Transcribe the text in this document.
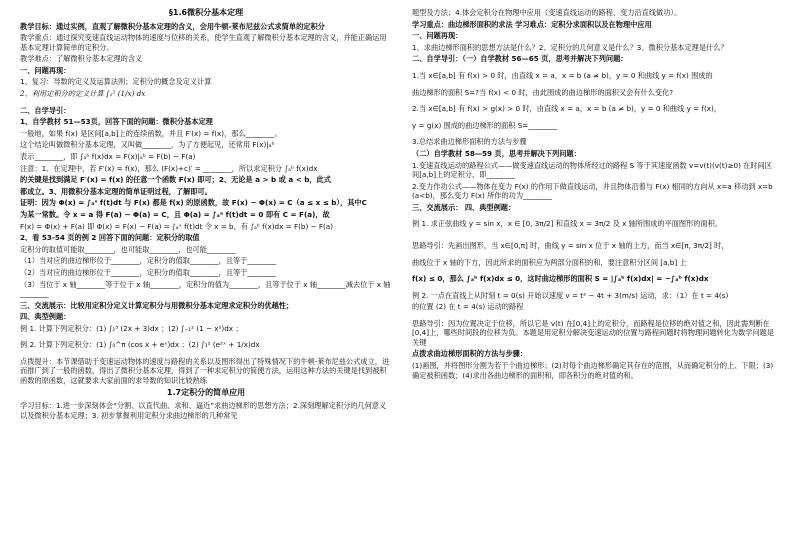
§1.6微积分基本定理
教学目标：通过实例，直观了解微积分基本定理的含义，会用牛顿-莱布尼兹公式求简单的定积分
教学重点：通过探究变速直线运动物体的速度与位移的关系，使学生直观了解微积分基本定理的含义，并能正确运用基本定理计算简单的定积分。
教学难点：了解微积分基本定理的含义
一、问题再现：
1、复习：导数的定义及运算法则；定积分的概念及定义计算
2、利用定积分的定义计算 ∫₁² (1/x) dx
二、自学导引：
1、自学教材 51—53页，回答下面的问题：微积分基本定理
一般地，如果 f(x) 是区间[a,b]上的连续函数，并且 F′(x) = f(x)，那么________。
这个结论叫做微积分基本定理，又叫做________，为了方便起见，还常用 F(x)|ₐᵇ
表示________，即 ∫ₐᵇ f(x)dx = F(x)|ₐᵇ = F(b) − F(a)
注意：1、在定理中，若 F′(x) = f(x)，那么 (F(x)+c)′ = ________，所以求定积分 ∫ₐᵇ f(x)dx
的关键是找到满足 F′(x) = f(x) 的任意一个函数 F(x) 即可；2、无论是 a > b 或 a < b，此式
都成立。3、用微积分基本定理的简单证明过程，了解即可。
证明：因为 Φ(x) = ∫ₐˣ f(t)dt 与 F(x) 都是 f(x) 的原函数，故 F(x) − Φ(x) = C（a ≤ x ≤ b），其中C
为某一常数。令 x = a 得 F(a) − Φ(a) = C，且 Φ(a) = ∫ₐᵃ f(t)dt = 0 即有 C = F(a)，故
F(x) = Φ(x) + F(a) 即 Φ(x) = F(x) − F(a) = ∫ₐˣ f(t)dt 令 x = b，有 ∫ₐᵇ f(x)dx = F(b) − F(a)
2、看 53-54 页的例 2 回答下面的问题：定积分的取值
定积分的取值可能取________，也可能取________，也可能________
（1）当对应的曲边梯形位于________，定积分的值取________，且等于________
（2）当对应的曲边梯形位于________，定积分的值取________，且等于________
（3）当位于 x 轴________等于位于 x 轴________，定积分的值为________，且等于位于 x 轴________减去位于 x 轴________
三、交流展示：比较用定积分定义计算定积分与用微积分基本定理求定积分的优越性；
四、典型例题：
例 1. 计算下列定积分：(1) ∫₁³ (2x + 3)dx ；(2) ∫₋₁² (1 − x²)dx ；
例 2. 计算下列定积分：(1) ∫₀^π (cos x + eˣ)dx ；(2) ∫₁² (e²ˣ + 1/x)dx
点拨提升：本节课借助于变速运动物体的速度与路程的关系以及图形得出了特殊情况下的牛顿-莱布尼兹公式成立，进而推广到了一般的函数，得出了微积分基本定理，得到了一种求定积分的简便方法，运用这种方法的关键是找到被积函数的原函数，这就要求大家前面的求导数的知识比较熟练
1.7定积分的简单应用
学习目标：1.进一步深刻体会“分割、以直代曲、求和、逼近”求曲边梯形的思想方法；2.深刻理解定积分的几何意义以及微积分基本定理；3. 初步掌握利用定积分求曲边梯形的几种常见
题型及方法；4.体会定积分在物理中应用（变速直线运动的路程、变力沿直线做功）。
学习重点：曲边梯形面积的求法 学习难点：定积分求面积以及在物理中应用
一、问题再现：
1、求曲边梯形面积的思想方法是什么？2、定积分的几何意义是什么？3、微积分基本定理是什么？
二、自学导引：（一）自学教材 56—65 页，思考并解决下列问题：
1.当 x∈[a,b] 有 f(x) > 0 时，由直线 x = a，x = b (a ≠ b)，y = 0 和曲线 y = f(x) 围成的
曲边梯形的面积 S=?当 f(x) < 0 时，由此围成的曲边梯形的面积又会有什么变化?
2.当 x∈[a,b] 有 f(x) > g(x) > 0 时，由直线 x = a，x = b (a ≠ b)，y = 0 和曲线 y = f(x)，
y = g(x) 围成的曲边梯形的面积 S=________
3.总结求曲边梯形面积的方法与步骤
（二）自学教材 58—59 页，思考并解决下列问题：
1.变速直线运动的路程公式——做变速直线运动的物体所经过的路程 S 等于其速度函数 v=v(t)(v(t)≥0) 在时间区间[a,b]上的定积分，即________
2.变力作功公式——物体在变力 F(x) 的作用下做直线运动，并且物体沿着与 F(x) 相同的方向从 x=a 移动到 x=b (a<b)，那么变力 F(x) 所作的功为________
三、交流展示： 四、典型例题：
例 1. 求正弦曲线 y = sin x，x ∈ [0, 3π/2] 和直线 x = 3π/2 及 x 轴所围成的平面图形的面积。
思路导引：先画出图形，当 x∈[0,π] 时，曲线 y = sin x 位于 x 轴的上方，而当 x∈[π, 3π/2] 时，
曲线位于 x 轴的下方，因此所求的面积应为两部分面积的和，要注意积分区间 [a,b] 上
f(x) ≤ 0，那么 ∫ₐᵇ f(x)dx ≤ 0，这时曲边梯形的面积 S = |∫ₐᵇ f(x)dx| = −∫ₐᵇ f(x)dx
例 2. 一点在直线上从时刻 t = 0(s) 开始以速度 v = t² − 4t + 3(m/s) 运动，求：（1）在 t = 4(s)
的位置 (2) 在 t = 4(s) 运动的路程
思路导引：因为位置决定于位移，所以它是 v(t) 在[0,4]上的定积分，而路程是位移的绝对值之和，因此需判断在[0,4]上，哪些时间段的位移为负。本题是用定积分解决变速运动的位置与路程问题时将物理问题转化为数学问题是关键
点拨求曲边梯形面积的方法与步骤：
(1)画图，并将图形分割为若干个曲边梯形；(2)对每个曲边梯形确定其存在的范围，从而确定积分的上、下限；(3)确定被积函数；(4)求出各曲边梯形的面积和，即各积分的绝对值的和。
